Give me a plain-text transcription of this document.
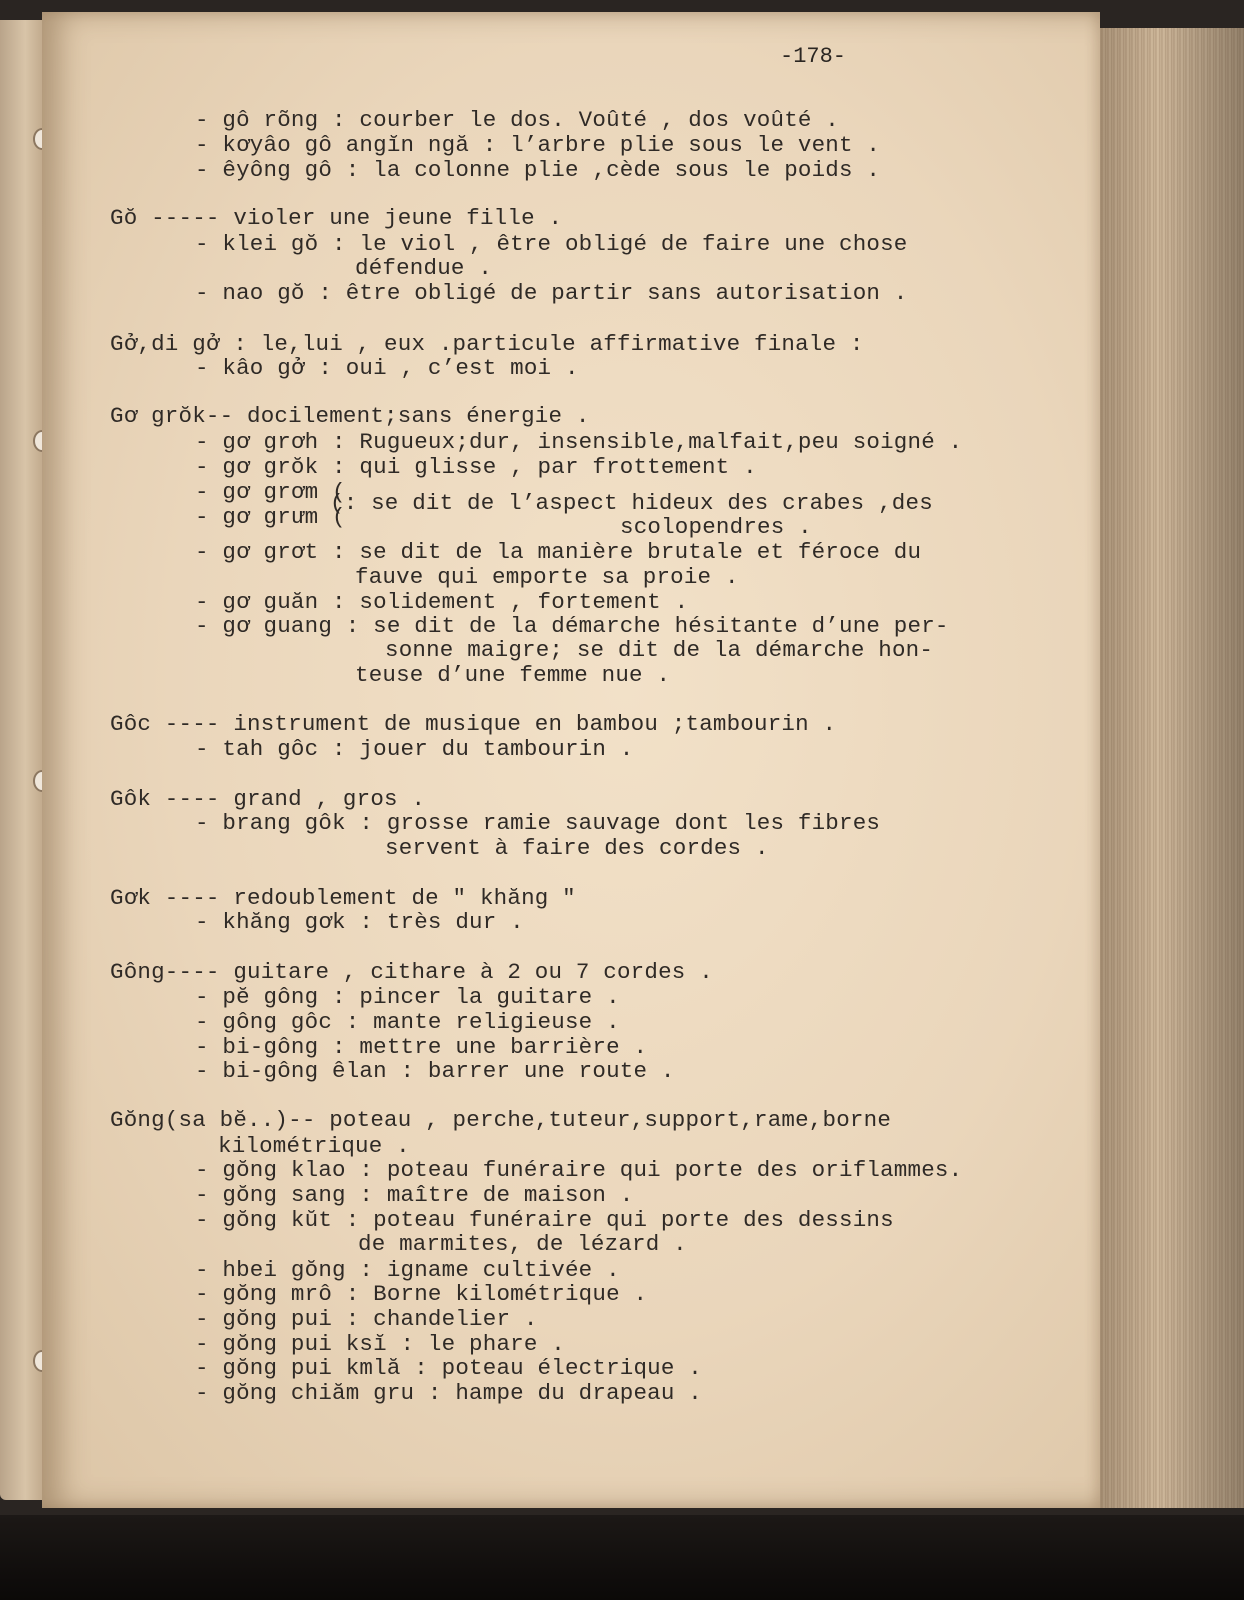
-178-
- gô rõng : courber le dos. Voûté , dos voûté .
- kơyâo gô angĭn ngă : l’arbre plie sous le vent .
- êyông gô : la colonne plie ,cède sous le poids .
Gŏ ----- violer une jeune fille .
- klei gŏ : le viol , être obligé de faire une chose
défendue .
- nao gŏ : être obligé de partir sans autorisation .
Gở,di gở : le,lui , eux .particule affirmative finale :
- kâo gở : oui , c’est moi .
Gơ grŏk-- docilement;sans énergie .
- gơ grơh : Rugueux;dur, insensible,malfait,peu soigné .
- gơ grŏk : qui glisse , par frottement .
- gơ grơm (
(: se dit de l’aspect hideux des crabes ,des
- gơ grưm (	scolopendres .
- gơ grơt : se dit de la manière brutale et féroce du
fauve qui emporte sa proie .
- gơ guăn : solidement , fortement .
- gơ guang : se dit de la démarche hésitante d’une per-
sonne maigre; se dit de la démarche hon-
teuse d’une femme nue .
Gôc ---- instrument de musique en bambou ;tambourin .
- tah gôc : jouer du tambourin .
Gôk ---- grand , gros .
- brang gôk : grosse ramie sauvage dont les fibres
servent à faire des cordes .
Gơk ---- redoublement de " khăng "
- khăng gơk : très dur .
Gông---- guitare , cithare à 2 ou 7 cordes .
- pĕ gông : pincer la guitare .
- gông gôc : mante religieuse .
- bi-gông : mettre une barrière .
- bi-gông êlan : barrer une route .
Gŏng(sa bĕ..)-- poteau , perche,tuteur,support,rame,borne
kilométrique .
- gŏng klao : poteau funéraire qui porte des oriflammes.
- gŏng sang : maître de maison .
- gŏng kŭt : poteau funéraire qui porte des dessins
de marmites, de lézard .
- hbei gŏng : igname cultivée .
- gŏng mrô : Borne kilométrique .
- gŏng pui : chandelier .
- gŏng pui ksĭ : le phare .
- gŏng pui kmlă : poteau électrique .
- gŏng chiăm gru : hampe du drapeau .
